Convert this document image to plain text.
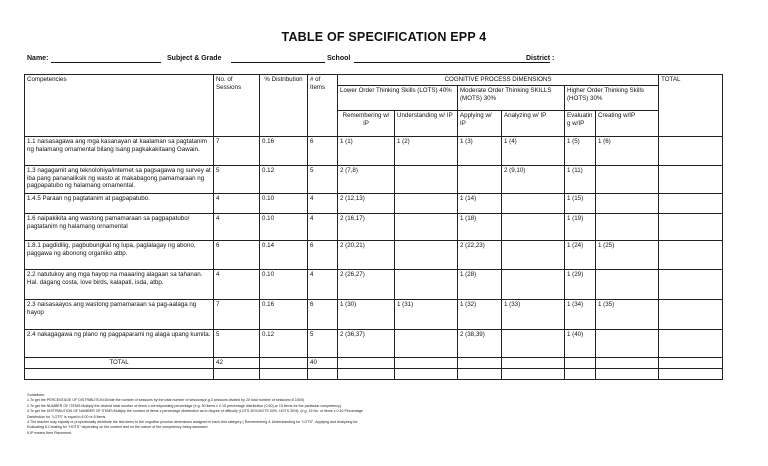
TABLE OF SPECIFICATION EPP 4
Name:	Subject & Grade	School	District :
Competencies	No. of Sessions	% Distribution	# of Items	COGNITIVE PROCESS DIMENSIONS						TOTAL
				Lower Order Thinking Skills (LOTS) 40%		Moderate Order Thinking SKILLS (MOTS) 30%		Higher Order Thinking Skills (HOTS) 30%		
				Remembering w/ IP	Understanding w/ IP	Applying w/ IP	Analyzing w/ IP	Evaluating w/IP	Creating w/IP	
1.1 naisasagawa ang mga kasanayan at kaalaman sa pagtatanim ng halamang ornamental bilang isang pagkakakitaang Gawain.	7	0.16	6	1 (1)	1 (2)	1 (3)	1 (4)	1 (5)	1 (6)	
1.3 nagagamit ang teknolohiya/internet sa pagsagawa ng survey at iba pang pananaliksik ng wasto at makabagong pamamaraan ng pagpapatubo ng halamang ornamental.	5	0.12	5	2 (7,8)			2 (9,10)	1 (11)		
1.4.5 Paraan ng pagtatanim at pagpapatubo.	4	0.10	4	2 (12,13)		1 (14)		1 (15)		
1.6 naipakikita ang wastong pamamaraan sa pagpapatubo/ pagtatanim ng halamang ornamental	4	0.10	4	2 (16,17)		1 (18)		1 (19)		
1.8.1 pagdidilig, pagbubungkal ng lupa, paglalagay ng abono, paggawa ng abonong organiko atbp.	6	0.14	6	2 (20,21)		2 (22,23)		1 (24)	1 (25)	
2.2 natutukoy ang mga hayop na maaaring alagaan sa tahanan. Hal. dagang costa, love birds, kalapati, isda, atbp.	4	0.10	4	2 (26,27)		1 (28)		1 (29)		
2.3 naisasaayos ang wastong pamamaraan sa pag-aalaga ng hayop	7	0.16	6	1 (30)	1 (31)	1 (32)	1 (33)	1 (34)	1 (35)	
2.4 nakagagawa ng plano ng pagpaparami ng alaga upang kumita.	5	0.12	5	2 (36,37)		2 (38,39)		1 (40)		
TOTAL	42		40							

Guidelines:
1.To get the PERCENTAGE OF DISTRIBUTION:Divide the number of sessions by the total number of sessions(e.g.3 sessions divided by 20 total number of sessions=0.1500)
2.To get the NUMBER OF ITEMS:Multiply the desired total number of items x corresponding percentage (e.g. 50 items x 0.15 percentage distribution (0.50) or 15 items for the particular competency)
3.To get the DISTRIBUTION OF NUMBER OF ITEMS:Multiply the number of items x percentage distribution as to degree of difficulty (LOTS 40%,MOTS 30%, HOTS 30%), (e.g. 15 No. of items x 0.40 Percentage
Distribution for "LOTS" is equal to 6.00 or 6 items
4.The teacher may equally or proportionally distribute the test items to the cognitive process dimensions assigned in each test category ( Remembering & Understanding for "LOTS" ,Applying and Analyzing for
Evaluating & Creating for "HOTS" depending on the content and on the nature of the competency being assessed
5.IP means Item Placement.
